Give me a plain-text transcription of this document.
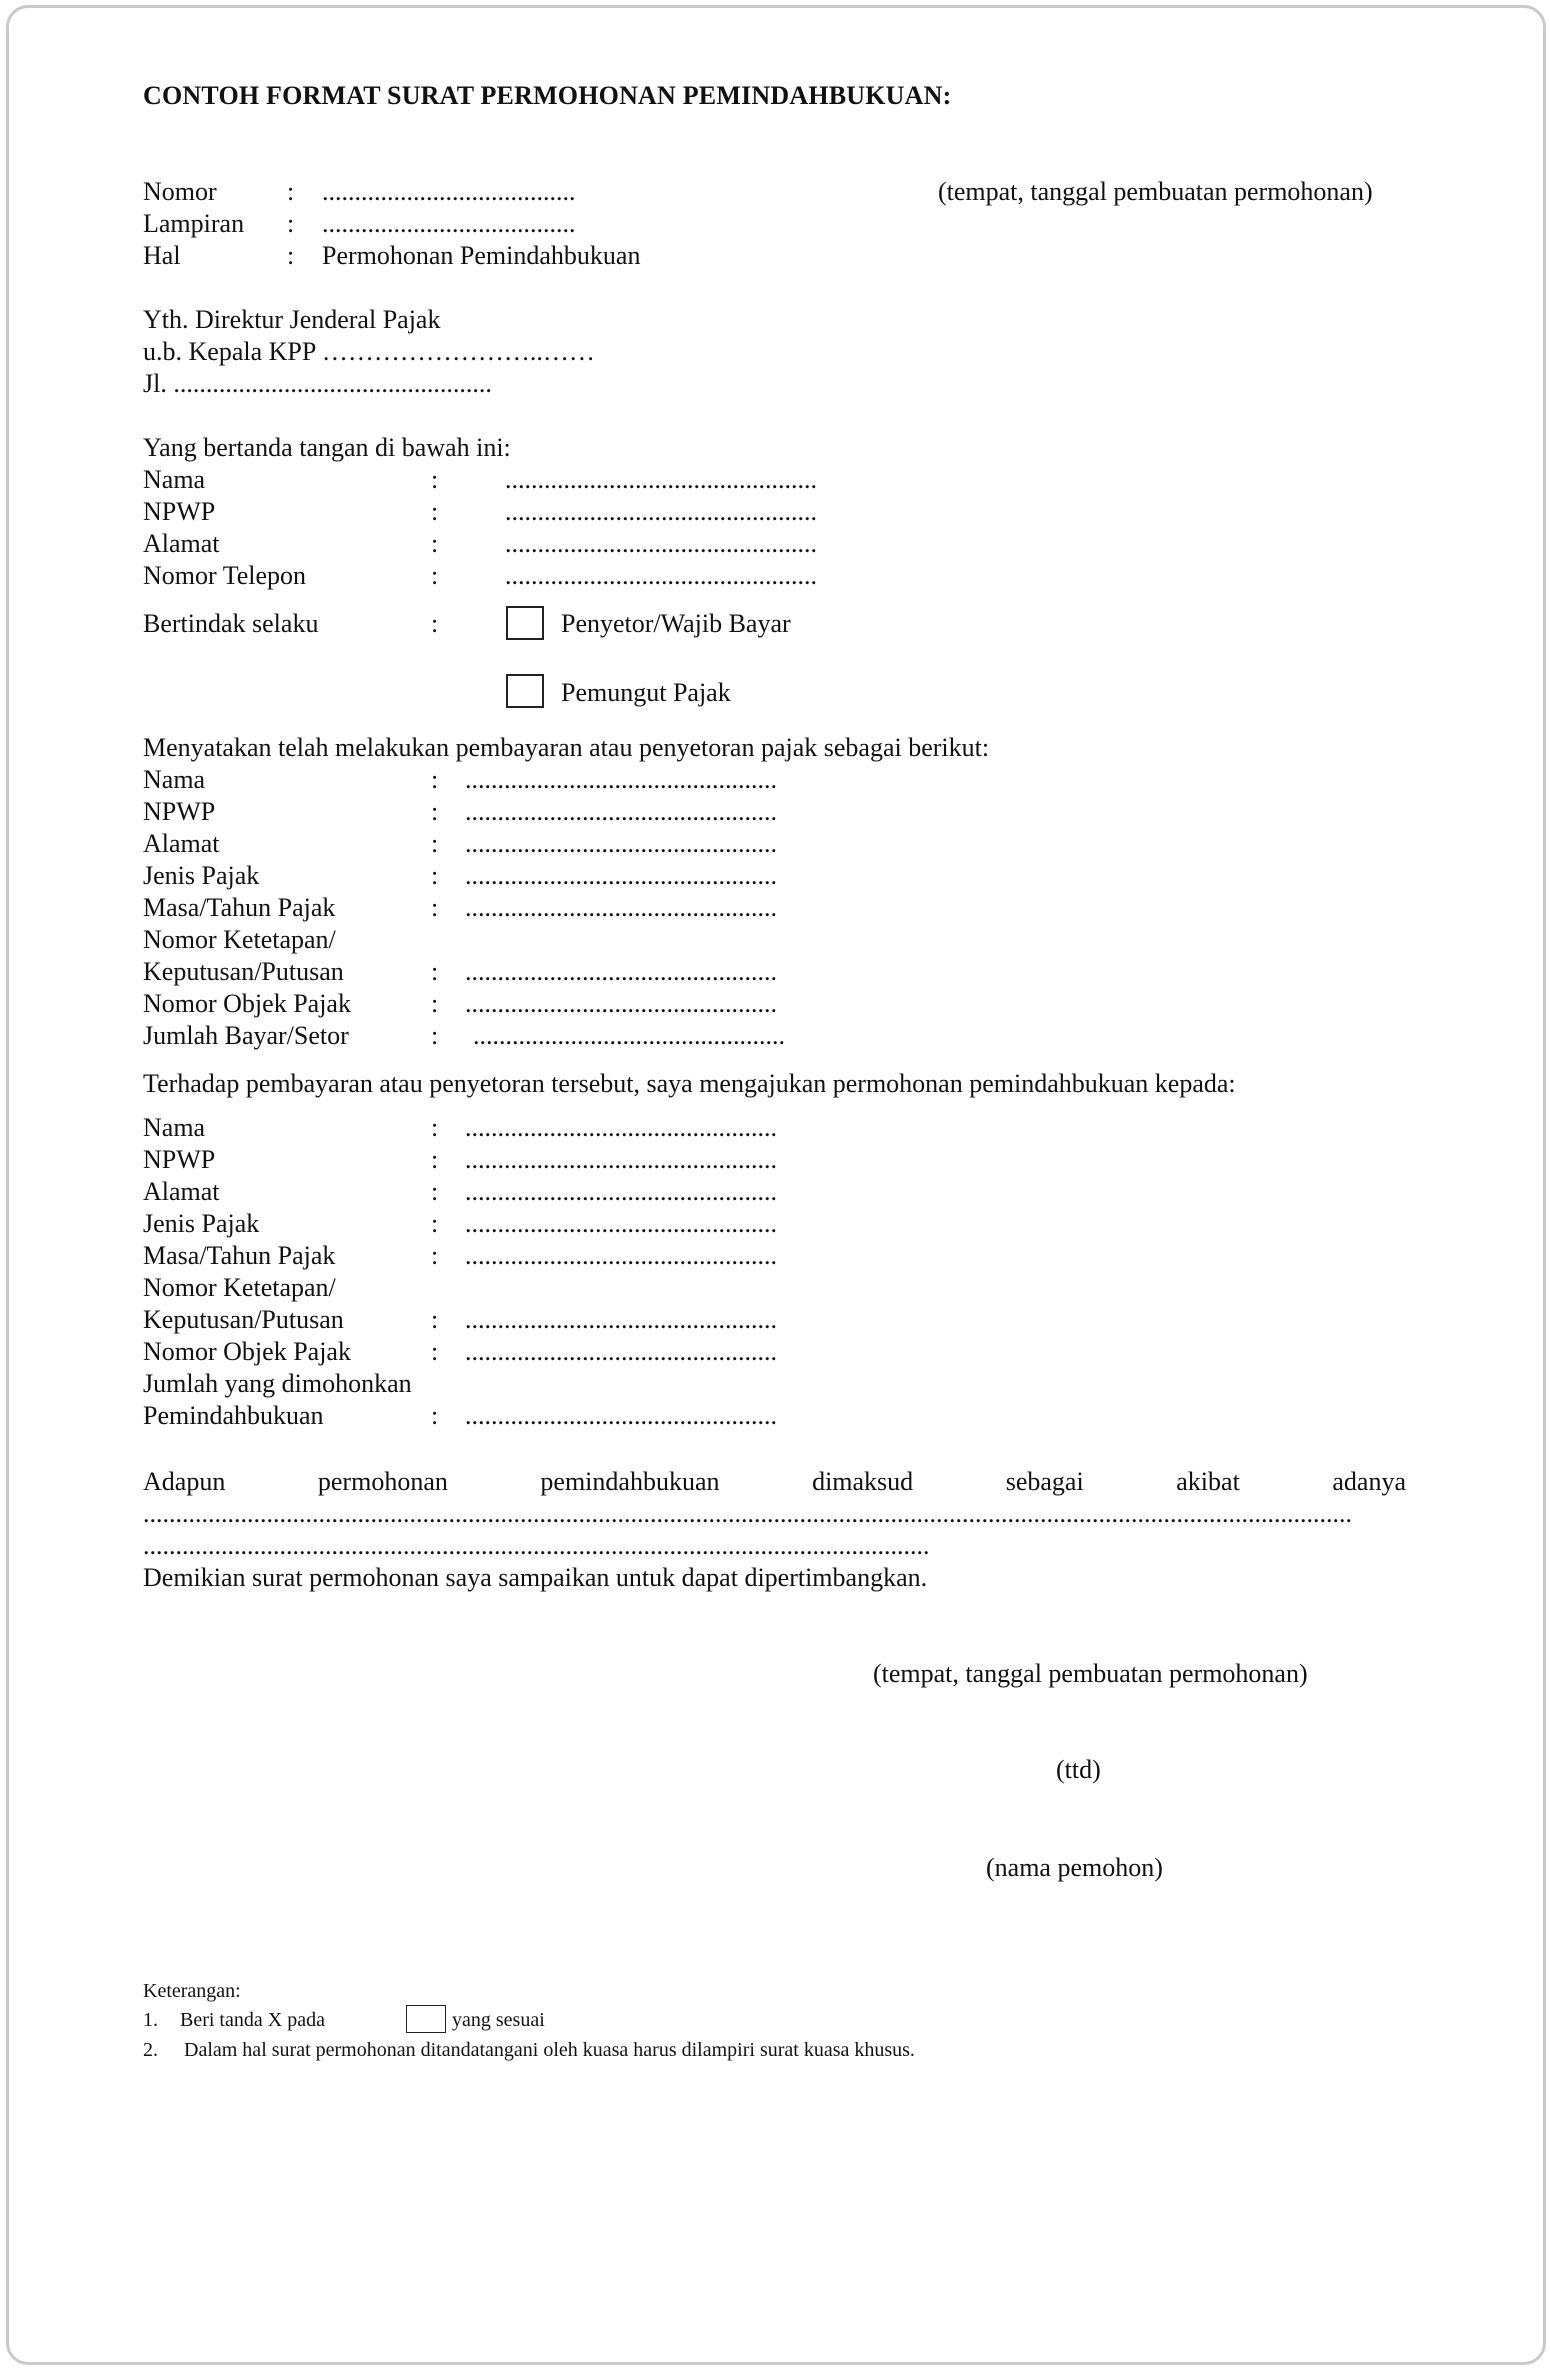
CONTOH FORMAT SURAT PERMOHONAN PEMINDAHBUKUAN:
Nomor	: .......................................	(tempat, tanggal pembuatan permohonan)
Lampiran : .......................................
Hal	: Permohonan Pemindahbukuan
Yth. Direktur Jenderal Pajak
u.b. Kepala KPP ……………………..……
Jl. .................................................
Yang bertanda tangan di bawah ini:
Nama	:	................................................
NPWP	:	................................................
Alamat	:	................................................
Nomor Telepon	:	................................................
Bertindak selaku	:	Penyetor/Wajib Bayar
Pemungut Pajak
Menyatakan telah melakukan pembayaran atau penyetoran pajak sebagai berikut:
Nama	: ................................................
NPWP	: ................................................
Alamat	: ................................................
Jenis Pajak	: ................................................
Masa/Tahun Pajak	: ................................................
Nomor Ketetapan/
Keputusan/Putusan	: ................................................
Nomor Objek Pajak	: ................................................
Jumlah Bayar/Setor	: ................................................
Terhadap pembayaran atau penyetoran tersebut, saya mengajukan permohonan pemindahbukuan kepada:
Nama	: ................................................
NPWP	: ................................................
Alamat	: ................................................
Jenis Pajak	: ................................................
Masa/Tahun Pajak	: ................................................
Nomor Ketetapan/
Keputusan/Putusan	: ................................................
Nomor Objek Pajak	: ................................................
Jumlah yang dimohonkan
Pemindahbukuan	: ................................................
Adapun	permohonan	pemindahbukuan	dimaksud	sebagai	akibat	adanya
..........................................................................................................................................................................................
.........................................................................................................................
Demikian surat permohonan saya sampaikan untuk dapat dipertimbangkan.
(tempat, tanggal pembuatan permohonan)
(ttd)
(nama pemohon)
Keterangan:
1. Beri tanda X pada	yang sesuai
2. Dalam hal surat permohonan ditandatangani oleh kuasa harus dilampiri surat kuasa khusus.
